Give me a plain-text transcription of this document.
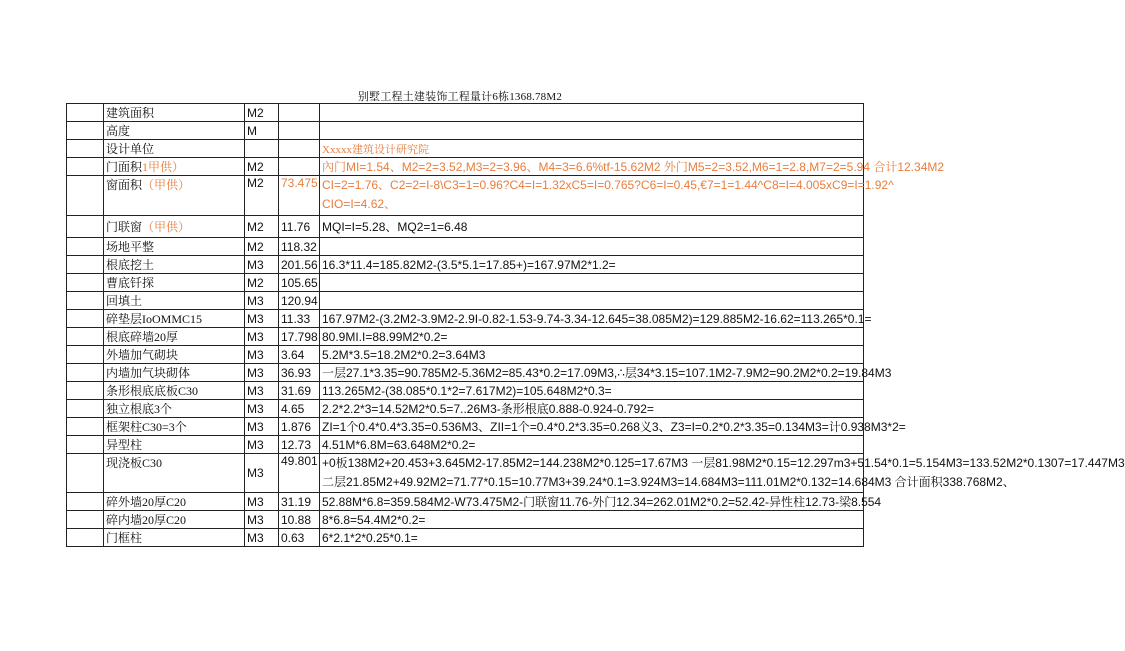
别墅工程土建装饰工程量计6栋1368.78M2
	建筑面积	M2		
	高度	M		
	设计单位			Xxxxx建筑设计研究院
	门面积1甲供）	M2		內门MI=1.54、M2=2=3.52,M3=2=3.96、M4=3=6.6%tf-15.62M2 外门M5=2=3.52,M6=1=2.8,M7=2=5.94 合计12.34M2
	窗面积（甲供）	M2	73.475	CI=2=1.76、C2=2=I-8\C3=1=0.96?C4=I=1.32xC5=I=0.765?C6=I=0.45,€7=1=1.44^C8=I=4.005xC9=I=1.92^
CIO=I=4.62、

	门联窗（甲供）	M2	11.76	MQI=I=5.28、MQ2=1=6.48
	场地平整	M2	118.32	
	根底挖土	M3	201.56	16.3*11.4=185.82M2-(3.5*5.1=17.85+)=167.97M2*1.2=
	曹底钎探	M2	105.65	
	回填土	M3	120.94	
	碎垫层IoOMMC15	M3	11.33	167.97M2-(3.2M2-3.9M2-2.9I-0.82-1.53-9.74-3.34-12.645=38.085M2)=129.885M2-16.62=113.265*0.1=
	根底碎墙20厚	M3	17.798	80.9MI.I=88.99M2*0.2=
	外墙加气砌块	M3	3.64	5.2M*3.5=18.2M2*0.2=3.64M3
	内墙加气块砌体	M3	36.93	一层27.1*3.35=90.785M2-5.36M2=85.43*0.2=17.09M3,∴层34*3.15=107.1M2-7.9M2=90.2M2*0.2=19.84M3
	条形根底底板C30	M3	31.69	113.265M2-(38.085*0.1*2=7.617M2)=105.648M2*0.3=
	独立根底3个	M3	4.65	2.2*2.2*3=14.52M2*0.5=7..26M3-条形根底0.888-0.924-0.792=
	框架柱C30=3个	M3	1.876	ZI=1个0.4*0.4*3.35=0.536M3、ZII=1个=0.4*0.2*3.35=0.268义3、Z3=I=0.2*0.2*3.35=0.134M3=计0.938M3*2=
	异型柱	M3	12.73	4.51M*6.8M=63.648M2*0.2=
	现浇板C30	M3	49.801	+0板138M2+20.453+3.645M2-17.85M2=144.238M2*0.125=17.67M3 一层81.98M2*0.15=12.297m3+51.54*0.1=5.154M3=133.52M2*0.1307=17.447M3
二层21.85M2+49.92M2=71.77*0.15=10.77M3+39.24*0.1=3.924M3=14.684M3=111.01M2*0.132=14.684M3 合计面积338.768M2、

	碎外墙20厚C20	M3	31.19	52.88M*6.8=359.584M2-W73.475M2-门联窗11.76-外门12.34=262.01M2*0.2=52.42-异性柱12.73-梁8.554
	碎内墙20厚C20	M3	10.88	8*6.8=54.4M2*0.2=
	门框柱	M3	0.63	6*2.1*2*0.25*0.1=
